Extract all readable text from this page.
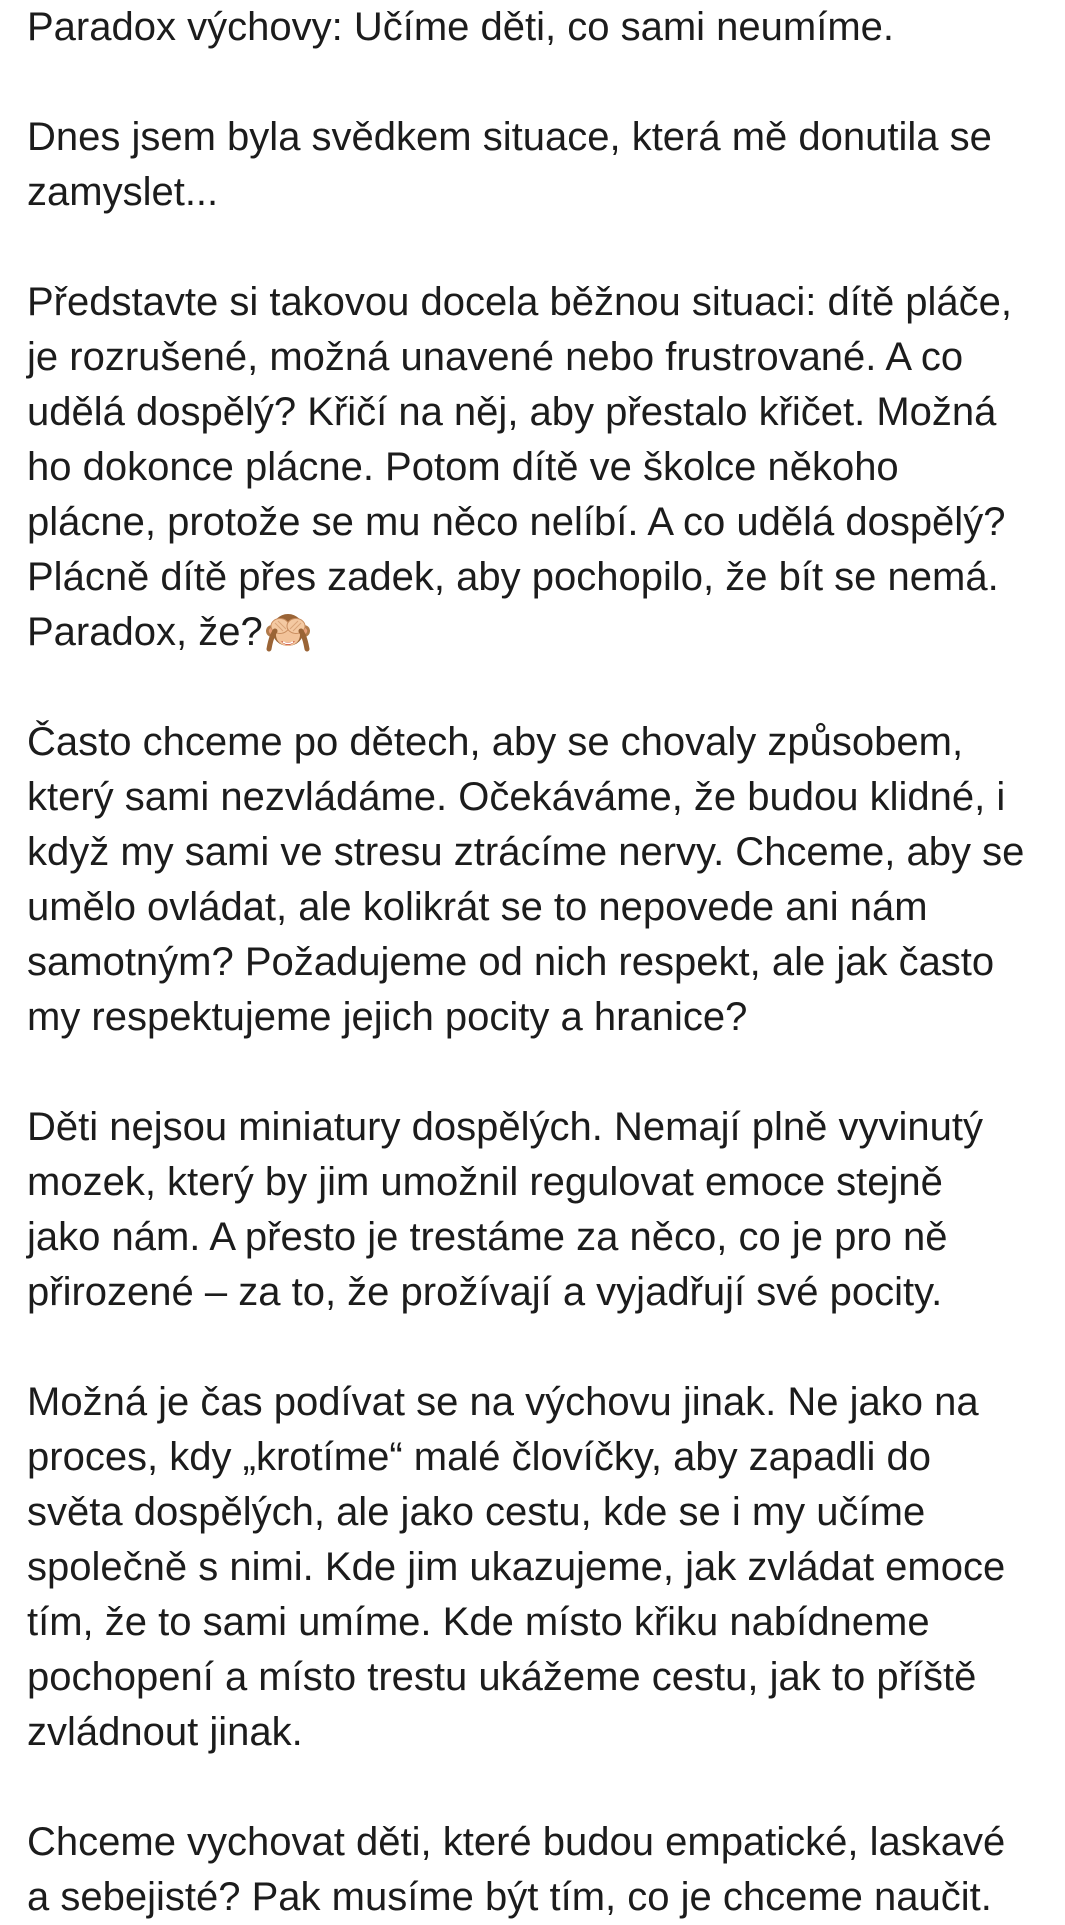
Paradox výchovy: Učíme děti, co sami neumíme.
Dnes jsem byla svědkem situace, která mě donutila se
zamyslet...
Představte si takovou docela běžnou situaci: dítě pláče,
je rozrušené, možná unavené nebo frustrované. A co
udělá dospělý? Křičí na něj, aby přestalo křičet. Možná
ho dokonce plácne. Potom dítě ve školce někoho
plácne, protože se mu něco nelíbí. A co udělá dospělý?
Plácně dítě přes zadek, aby pochopilo, že bít se nemá.
Paradox, že?
Často chceme po dětech, aby se chovaly způsobem,
který sami nezvládáme. Očekáváme, že budou klidné, i
když my sami ve stresu ztrácíme nervy. Chceme, aby se
umělo ovládat, ale kolikrát se to nepovede ani nám
samotným? Požadujeme od nich respekt, ale jak často
my respektujeme jejich pocity a hranice?
Děti nejsou miniatury dospělých. Nemají plně vyvinutý
mozek, který by jim umožnil regulovat emoce stejně
jako nám. A přesto je trestáme za něco, co je pro ně
přirozené – za to, že prožívají a vyjadřují své pocity.
Možná je čas podívat se na výchovu jinak. Ne jako na
proces, kdy „krotíme“ malé človíčky, aby zapadli do
světa dospělých, ale jako cestu, kde se i my učíme
společně s nimi. Kde jim ukazujeme, jak zvládat emoce
tím, že to sami umíme. Kde místo křiku nabídneme
pochopení a místo trestu ukážeme cestu, jak to příště
zvládnout jinak.
Chceme vychovat děti, které budou empatické, laskavé
a sebejisté? Pak musíme být tím, co je chceme naučit.
